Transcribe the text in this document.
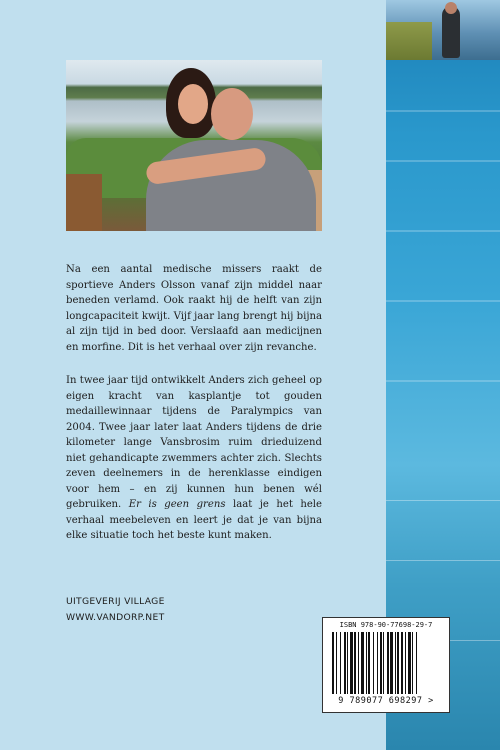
Na een aantal medische missers raakt de sportieve Anders Olsson vanaf zijn middel naar beneden verlamd. Ook raakt hij de helft van zijn longcapaciteit kwijt. Vijf jaar lang brengt hij bijna al zijn tijd in bed door. Verslaafd aan medicijnen en morfine. Dit is het verhaal over zijn revanche.
In twee jaar tijd ontwikkelt Anders zich geheel op eigen kracht van kasplantje tot gouden medaillewinnaar tijdens de Paralympics van 2004. Twee jaar later laat Anders tijdens de drie kilometer lange Vansbrosim ruim drieduizend niet gehandicapte zwemmers achter zich. Slechts zeven deelnemers in de herenklasse eindigen voor hem – en zij kunnen hun benen wél gebruiken. Er is geen grens laat je het hele verhaal meebeleven en leert je dat je van bijna elke situatie toch het beste kunt maken.
UITGEVERIJ VILLAGE
WWW.VANDORP.NET
ISBN 978-90-77698-29-7
9 789077 698297 >
